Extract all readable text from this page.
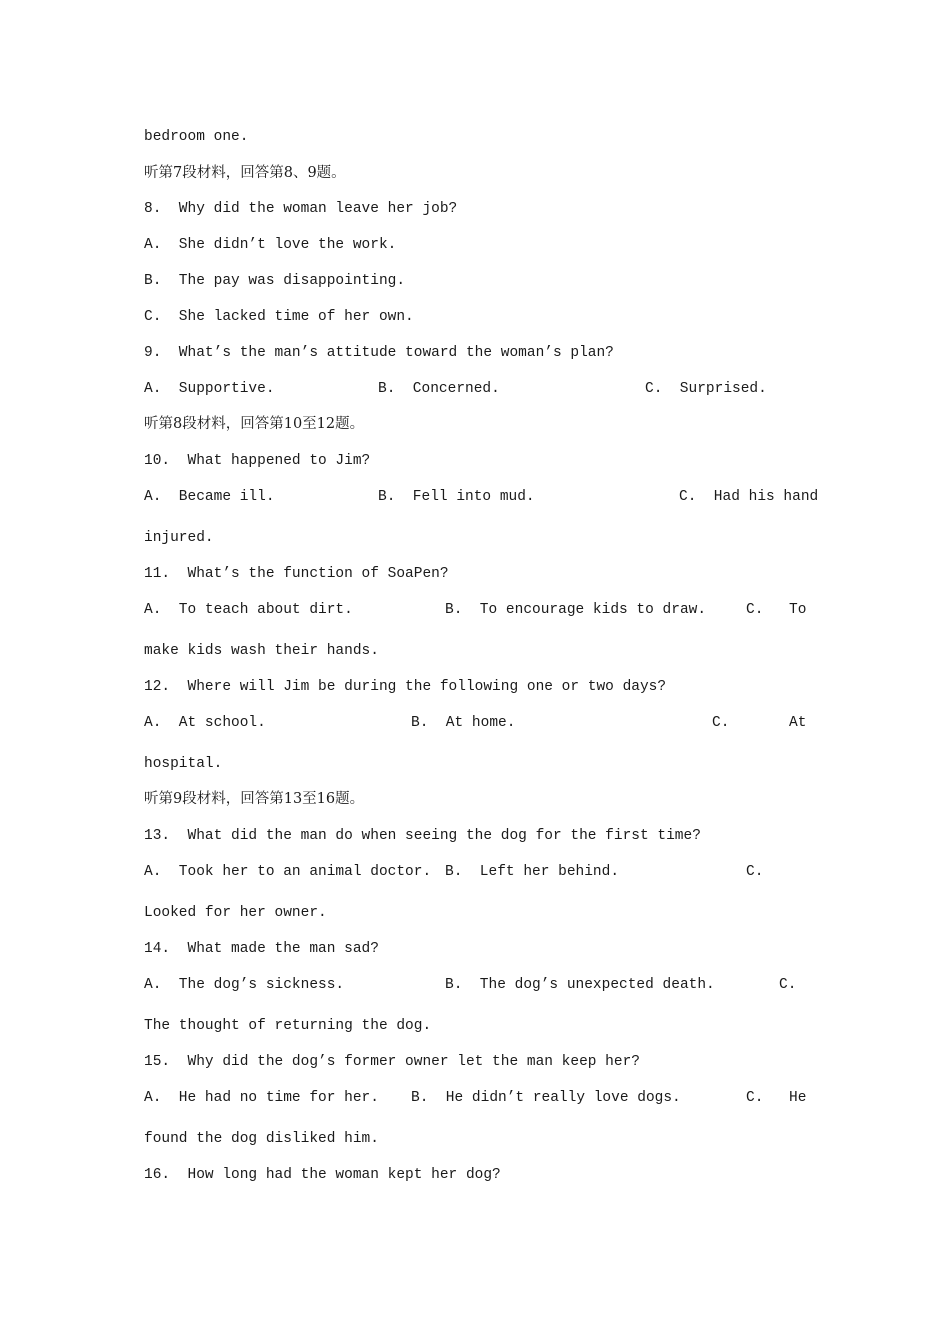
bedroom one.
听第7段材料，回答第8、9题。
8.  Why did the woman leave her job?
A.  She didn’t love the work.
B.  The pay was disappointing.
C.  She lacked time of her own.
9.  What’s the man’s attitude toward the woman’s plan?
A.  Supportive.	B.  Concerned.	C.  Surprised.
听第8段材料，回答第10至12题。
10.  What happened to Jim?
A.  Became ill.	B.  Fell into mud.	C.  Had his hand
injured.
11.  What’s the function of SoaPen?
A.  To teach about dirt.	B.  To encourage kids to draw.	C. To
make kids wash their hands.
12.  Where will Jim be during the following one or two days?
A.  At school.	B.  At home.	C.	At
hospital.
听第9段材料，回答第13至16题。
13.  What did the man do when seeing the dog for the first time?
A.  Took her to an animal doctor. B.  Left her behind.	C.
Looked for her owner.
14.  What made the man sad?
A.  The dog’s sickness.	B.  The dog’s unexpected death.	C.
The thought of returning the dog.
15.  Why did the dog’s former owner let the man keep her?
A.  He had no time for her. B.  He didn’t really love dogs.	C. He
found the dog disliked him.
16.  How long had the woman kept her dog?
